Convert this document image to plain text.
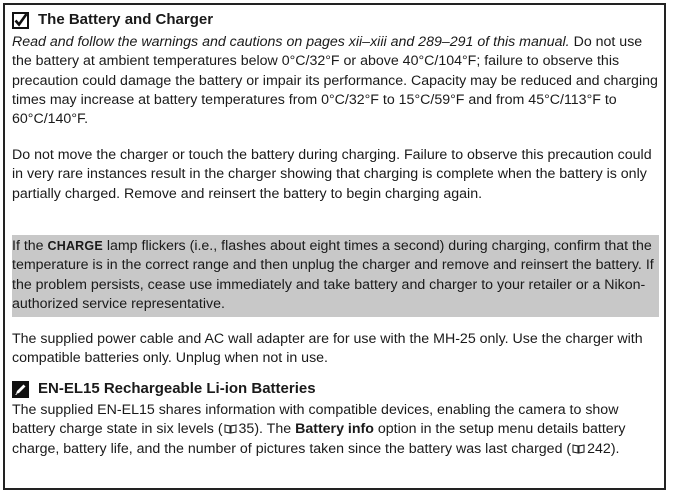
The Battery and Charger

Read and follow the warnings and cautions on pages xii–xiii and 289–291 of this manual. Do not use the battery at ambient temperatures below 0°C/32°F or above 40°C/104°F; failure to observe this precaution could damage the battery or impair its performance. Capacity may be reduced and charging times may increase at battery temperatures from 0°C/32°F to 15°C/59°F and from 45°C/113°F to 60°C/140°F.

Do not move the charger or touch the battery during charging. Failure to observe this precaution could in very rare instances result in the charger showing that charging is complete when the battery is only partially charged. Remove and reinsert the battery to begin charging again.

If the CHARGE lamp flickers (i.e., flashes about eight times a second) during charging, confirm that the temperature is in the correct range and then unplug the charger and remove and reinsert the battery. If the problem persists, cease use immediately and take battery and charger to your retailer or a Nikon-authorized service representative.

The supplied power cable and AC wall adapter are for use with the MH-25 only. Use the charger with compatible batteries only. Unplug when not in use.

EN-EL15 Rechargeable Li-ion Batteries

The supplied EN-EL15 shares information with compatible devices, enabling the camera to show battery charge state in six levels ( 35). The Battery info option in the setup menu details battery charge, battery life, and the number of pictures taken since the battery was last charged ( 242).
